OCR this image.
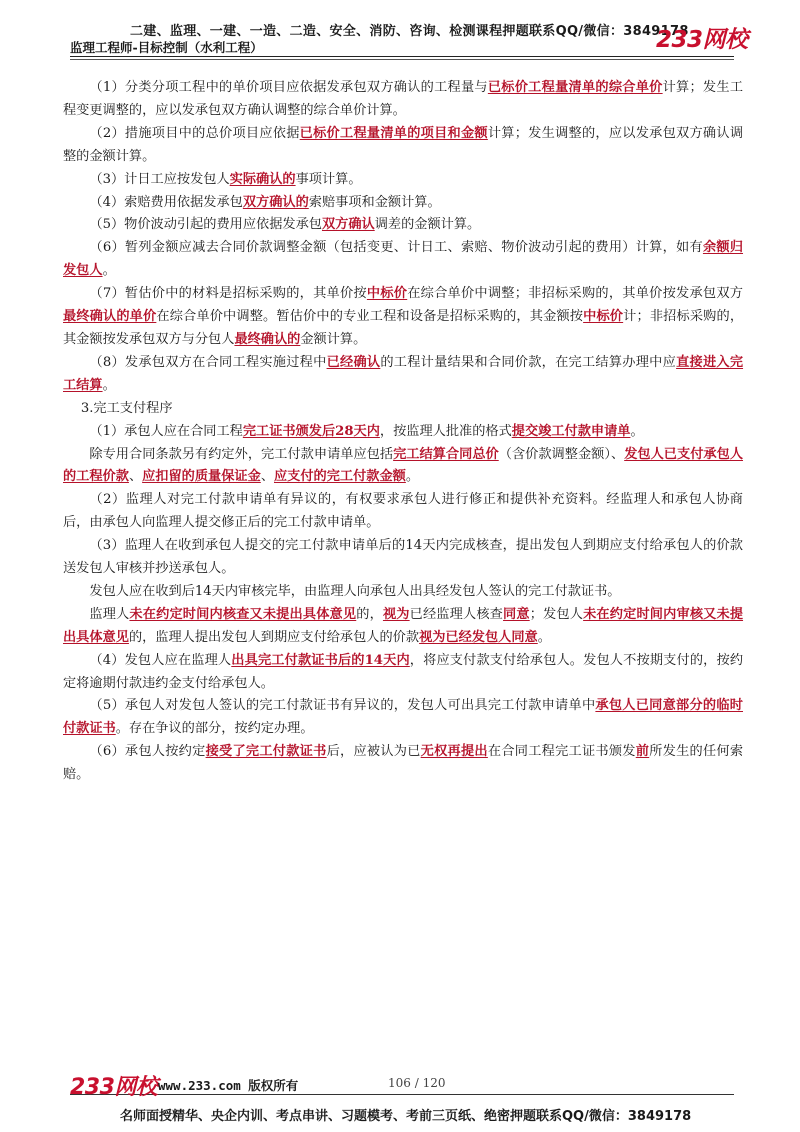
二建、监理、一建、一造、二造、安全、消防、咨询、检测课程押题联系QQ/微信：3849178
监理工程师-目标控制（水利工程）	233网校

（1）分类分项工程中的单价项目应依据发承包双方确认的工程量与已标价工程量清单的综合单价计算；发生工程变更调整的，应以发承包双方确认调整的综合单价计算。

（2）措施项目中的总价项目应依据已标价工程量清单的项目和金额计算；发生调整的，应以发承包双方确认调整的金额计算。

（3）计日工应按发包人实际确认的事项计算。

（4）索赔费用依据发承包双方确认的索赔事项和金额计算。

（5）物价波动引起的费用应依据发承包双方确认调差的金额计算。

（6）暂列金额应减去合同价款调整金额（包括变更、计日工、索赔、物价波动引起的费用）计算，如有余额归发包人。

（7）暂估价中的材料是招标采购的，其单价按中标价在综合单价中调整；非招标采购的，其单价按发承包双方最终确认的单价在综合单价中调整。暂估价中的专业工程和设备是招标采购的，其金额按中标价计；非招标采购的，其金额按发承包双方与分包人最终确认的金额计算。

（8）发承包双方在合同工程实施过程中已经确认的工程计量结果和合同价款，在完工结算办理中应直接进入完工结算。

3.完工支付程序

（1）承包人应在合同工程完工证书颁发后28天内，按监理人批准的格式提交竣工付款申请单。

除专用合同条款另有约定外，完工付款申请单应包括完工结算合同总价（含价款调整金额）、发包人已支付承包人的工程价款、应扣留的质量保证金、应支付的完工付款金额。

（2）监理人对完工付款申请单有异议的，有权要求承包人进行修正和提供补充资料。经监理人和承包人协商后，由承包人向监理人提交修正后的完工付款申请单。

（3）监理人在收到承包人提交的完工付款申请单后的14天内完成核查，提出发包人到期应支付给承包人的价款送发包人审核并抄送承包人。

发包人应在收到后14天内审核完毕，由监理人向承包人出具经发包人签认的完工付款证书。

监理人未在约定时间内核查又未提出具体意见的，视为已经监理人核查同意；发包人未在约定时间内审核又未提出具体意见的，监理人提出发包人到期应支付给承包人的价款视为已经发包人同意。

（4）发包人应在监理人出具完工付款证书后的14天内，将应支付款支付给承包人。发包人不按期支付的，按约定将逾期付款违约金支付给承包人。

（5）承包人对发包人签认的完工付款证书有异议的，发包人可出具完工付款申请单中承包人已同意部分的临时付款证书。存在争议的部分，按约定办理。

（6）承包人按约定接受了完工付款证书后，应被认为已无权再提出在合同工程完工证书颁发前所发生的任何索赔。

233网校 www.233.com 版权所有	106 / 120
名师面授精华、央企内训、考点串讲、习题模考、考前三页纸、绝密押题联系QQ/微信：3849178
